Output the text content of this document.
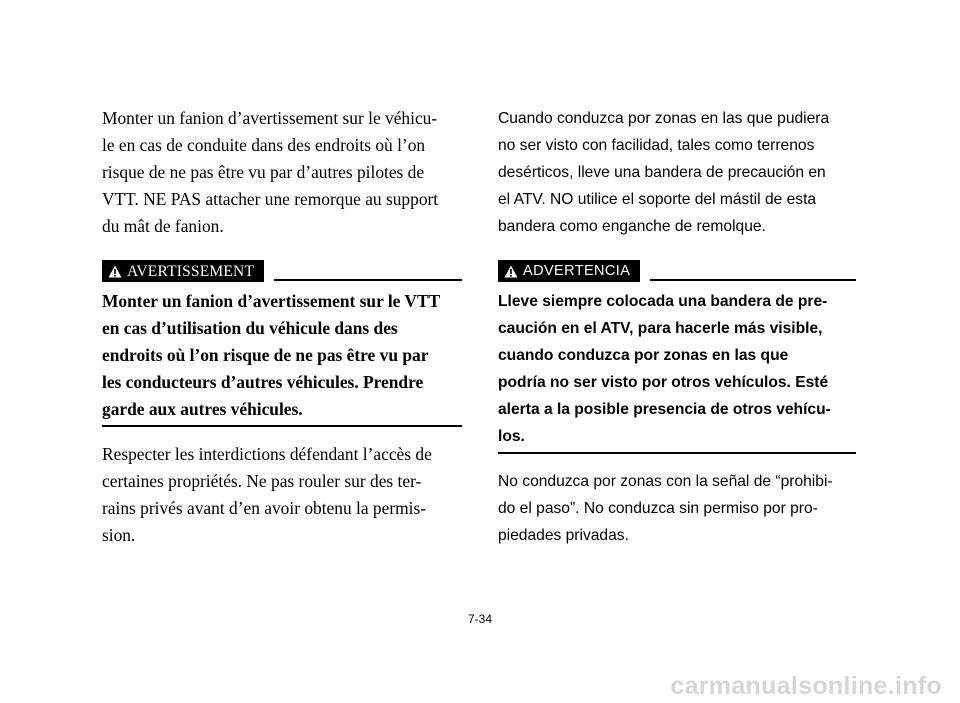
Monter un fanion d’avertissement sur le véhicu-
le en cas de conduite dans des endroits où l’on
risque de ne pas être vu par d’autres pilotes de
VTT. NE PAS attacher une remorque au support
du mât de fanion.

AVERTISSEMENT

Monter un fanion d’avertissement sur le VTT
en cas d’utilisation du véhicule dans des
endroits où l’on risque de ne pas être vu par
les conducteurs d’autres véhicules. Prendre
garde aux autres véhicules.

Respecter les interdictions défendant l’accès de
certaines propriétés. Ne pas rouler sur des ter-
rains privés avant d’en avoir obtenu la permis-
sion.

Cuando conduzca por zonas en las que pudiera
no ser visto con facilidad, tales como terrenos
desérticos, lleve una bandera de precaución en
el ATV. NO utilice el soporte del mástil de esta
bandera como enganche de remolque.

ADVERTENCIA

Lleve siempre colocada una bandera de pre-
caución en el ATV, para hacerle más visible,
cuando conduzca por zonas en las que
podría no ser visto por otros vehículos. Esté
alerta a la posible presencia de otros vehícu-
los.

No conduzca por zonas con la señal de “prohibi-
do el paso”. No conduzca sin permiso por pro-
piedades privadas.

7-34
carmanualsonline.info
